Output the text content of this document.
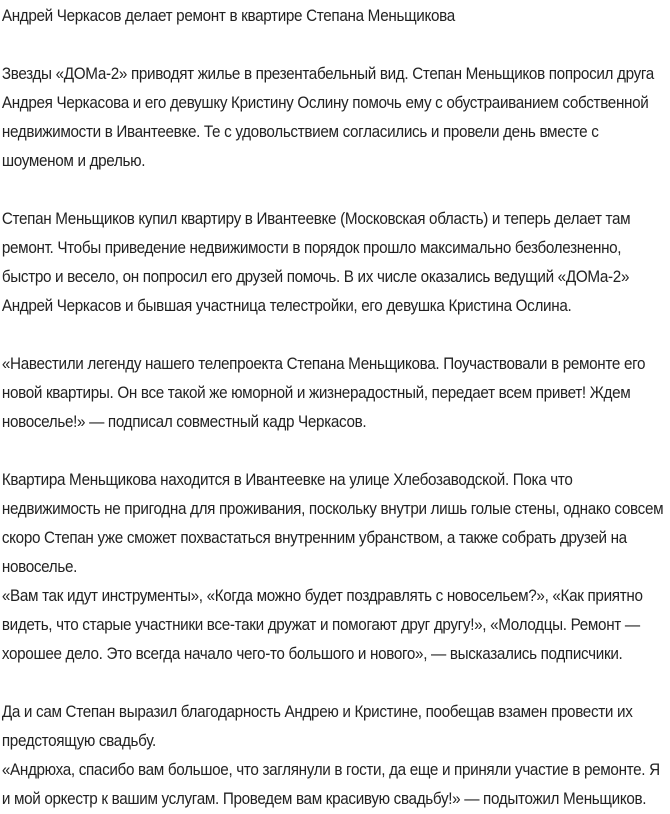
Андрей Черкасов делает ремонт в квартире Степана Меньщикова

Звезды «ДОМа-2» приводят жилье в презентабельный вид. Степан Меньщиков попросил друга Андрея Черкасова и его девушку Кристину Ослину помочь ему с обустраиванием собственной недвижимости в Ивантеевке. Те с удовольствием согласились и провели день вместе с шоуменом и дрелью.

Степан Меньщиков купил квартиру в Ивантеевке (Московская область) и теперь делает там ремонт. Чтобы приведение недвижимости в порядок прошло максимально безболезненно, быстро и весело, он попросил его друзей помочь. В их числе оказались ведущий «ДОМа-2» Андрей Черкасов и бывшая участница телестройки, его девушка Кристина Ослина.

«Навестили легенду нашего телепроекта Степана Меньщикова. Поучаствовали в ремонте его новой квартиры. Он все такой же юморной и жизнерадостный, передает всем привет! Ждем новоселье!» — подписал совместный кадр Черкасов.

Квартира Меньщикова находится в Ивантеевке на улице Хлебозаводской. Пока что недвижимость не пригодна для проживания, поскольку внутри лишь голые стены, однако совсем скоро Степан уже сможет похвастаться внутренним убранством, а также собрать друзей на новоселье.

«Вам так идут инструменты», «Когда можно будет поздравлять с новосельем?», «Как приятно видеть, что старые участники все-таки дружат и помогают друг другу!», «Молодцы. Ремонт — хорошее дело. Это всегда начало чего-то большого и нового», — высказались подписчики.

Да и сам Степан выразил благодарность Андрею и Кристине, пообещав взамен провести их предстоящую свадьбу.

«Андрюха, спасибо вам большое, что заглянули в гости, да еще и приняли участие в ремонте. Я и мой оркестр к вашим услугам. Проведем вам красивую свадьбу!» — подытожил Меньщиков.
